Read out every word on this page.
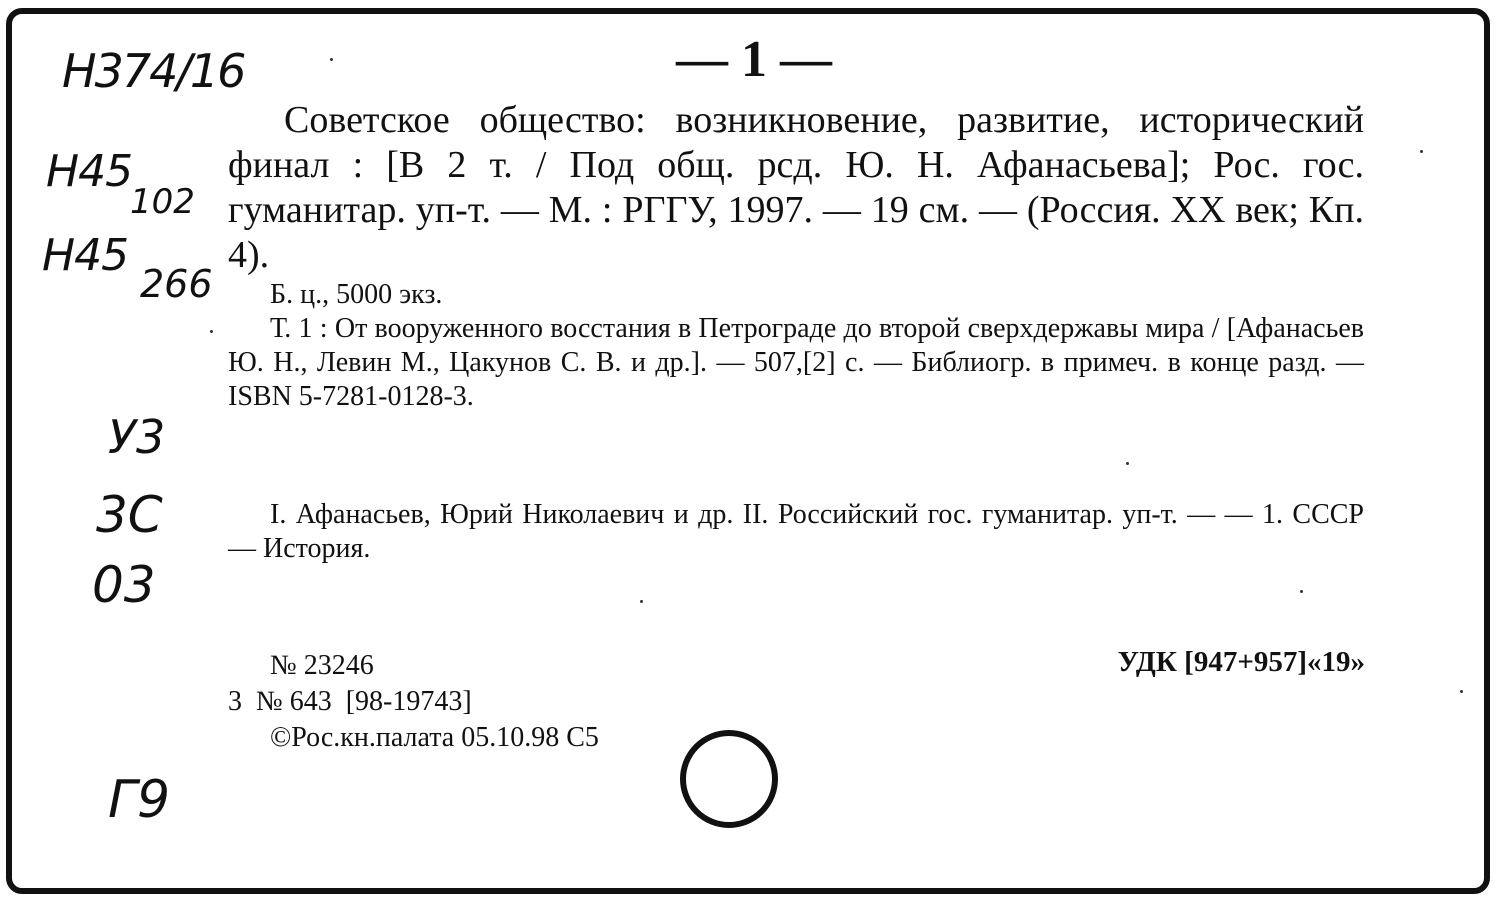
Н374/16
Н45
102
Н45
266
У3
3С
03
Г9
— 1 —

Советское общество: возникновение, развитие, исторический финал : [В 2 т. / Под общ. рсд. Ю. Н. Афанасьева]; Рос. гос. гуманитар. уп-т. — М. : РГГУ, 1997. — 19 см. — (Россия. XX век; Кп. 4).

Б. ц., 5000 экз.

Т. 1 : От вооруженного восстания в Петрограде до второй сверхдержавы мира / [Афанасьев Ю. Н., Левин М., Цакунов С. В. и др.]. — 507,[2] с. — Библиогр. в примеч. в конце разд. — ISBN 5-7281-0128-3.

I. Афанасьев, Юрий Николаевич и др. II. Российский гос. гуманитар. уп-т. — — 1. СССР — История.

№ 23246
3  № 643  [98-19743]
©Рос.кн.палата 05.10.98 С5
УДК [947+957]«19»
